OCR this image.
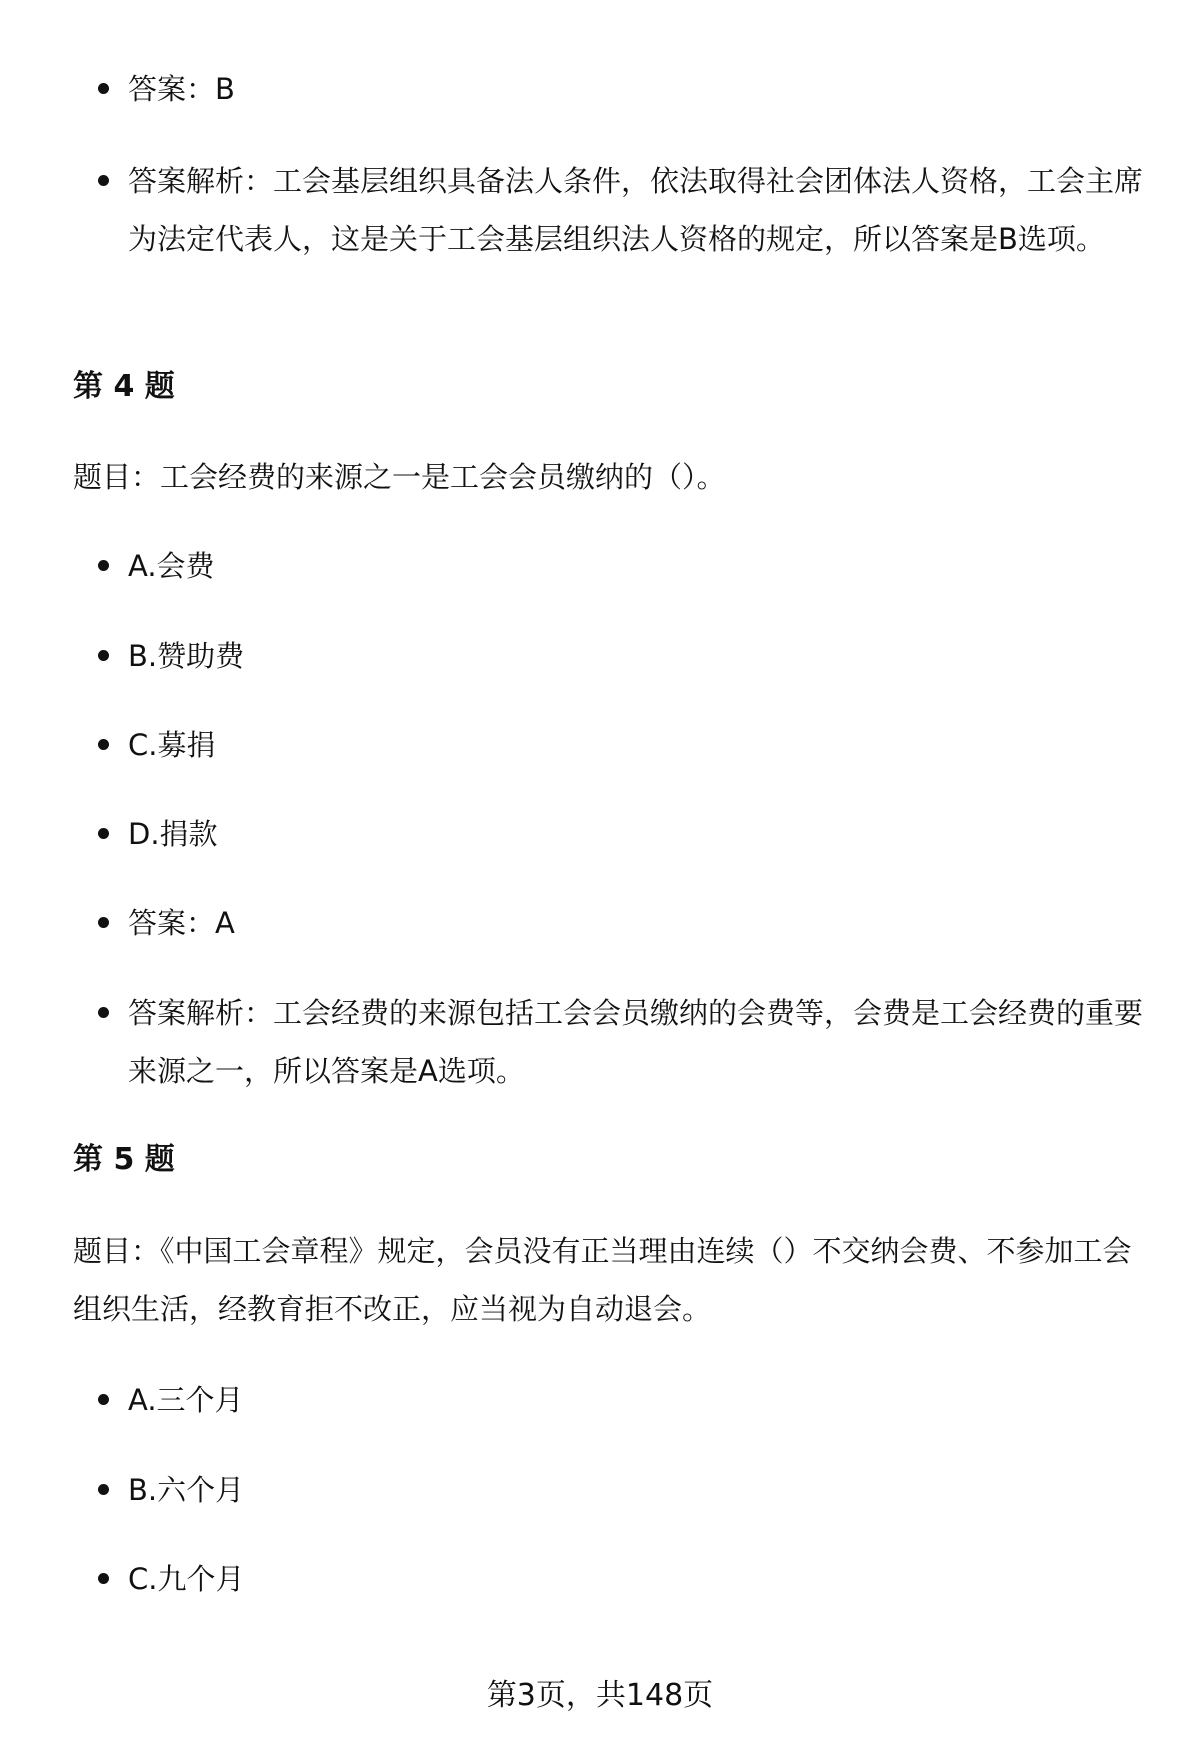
答案：B

答案解析：工会基层组织具备法人条件，依法取得社会团体法人资格，工会主席为法定代表人，这是关于工会基层组织法人资格的规定，所以答案是B选项。

第 4 题

题目：工会经费的来源之一是工会会员缴纳的（）。

A.会费

B.赞助费

C.募捐

D.捐款

答案：A

答案解析：工会经费的来源包括工会会员缴纳的会费等，会费是工会经费的重要来源之一，所以答案是A选项。

第 5 题

题目：《中国工会章程》规定，会员没有正当理由连续（）不交纳会费、不参加工会组织生活，经教育拒不改正，应当视为自动退会。

A.三个月

B.六个月

C.九个月

第3页，共148页
